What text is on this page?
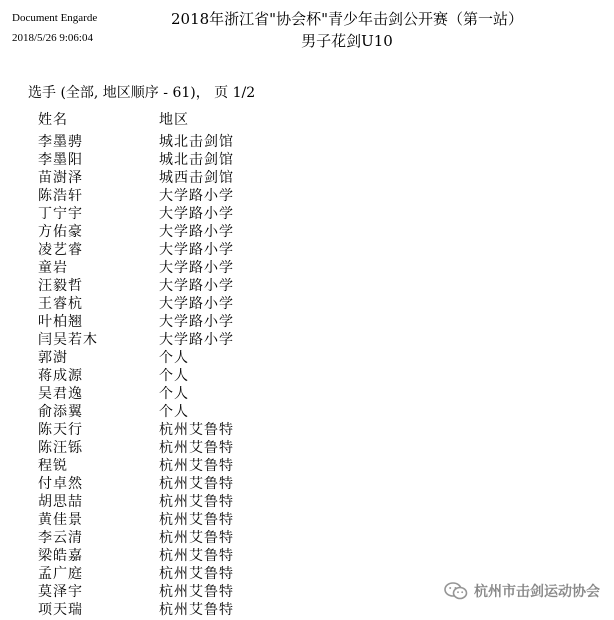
Document Engarde
2018/5/26 9:06:04
2018年浙江省"协会杯"青少年击剑公开赛（第一站）
男子花剑U10
选手 (全部, 地区顺序 - 61)， 页 1/2
姓名	地区
李墨骋	城北击剑馆
李墨阳	城北击剑馆
苗澍泽	城西击剑馆
陈浩轩	大学路小学
丁宁宇	大学路小学
方佑豪	大学路小学
凌艺睿	大学路小学
童岩	大学路小学
汪毅哲	大学路小学
王睿杭	大学路小学
叶柏翘	大学路小学
闫吴若木	大学路小学
郭澍	个人
蒋成源	个人
吴君逸	个人
俞添翼	个人
陈天行	杭州艾鲁特
陈汪铄	杭州艾鲁特
程锐	杭州艾鲁特
付卓然	杭州艾鲁特
胡思喆	杭州艾鲁特
黄佳景	杭州艾鲁特
李云清	杭州艾鲁特
梁皓嘉	杭州艾鲁特
孟广庭	杭州艾鲁特
莫泽宇	杭州艾鲁特
项天瑞	杭州艾鲁特
杭州市击剑运动协会
